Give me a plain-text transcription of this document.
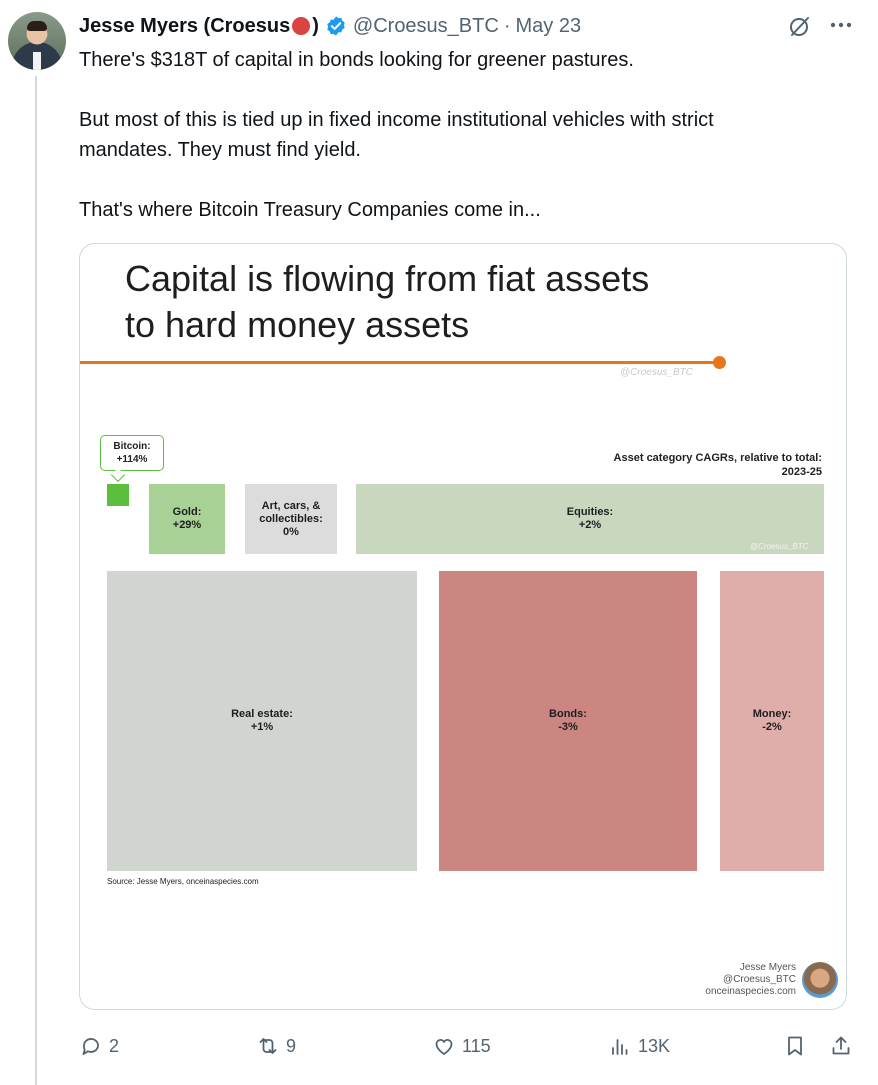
Jesse Myers (Croesus ) @Croesus_BTC · May 23

There's $318T of capital in bonds looking for greener pastures.

But most of this is tied up in fixed income institutional vehicles with strict

mandates. They must find yield.

That's where Bitcoin Treasury Companies come in...

Capital is flowing from fiat assets
to hard money assets
@Croesus_BTC
Asset category CAGRs, relative to total:
2023-25
Bitcoin:
+114%
Gold:
+29%
Art, cars, & collectibles:
0%
Equities:
+2%
@Croesus_BTC
Real estate:
+1%
Bonds:
-3%
Money:
-2%
Source: Jesse Myers, onceinaspecies.com
Jesse Myers
@Croesus_BTC
onceinaspecies.com
2	9	115	13K
